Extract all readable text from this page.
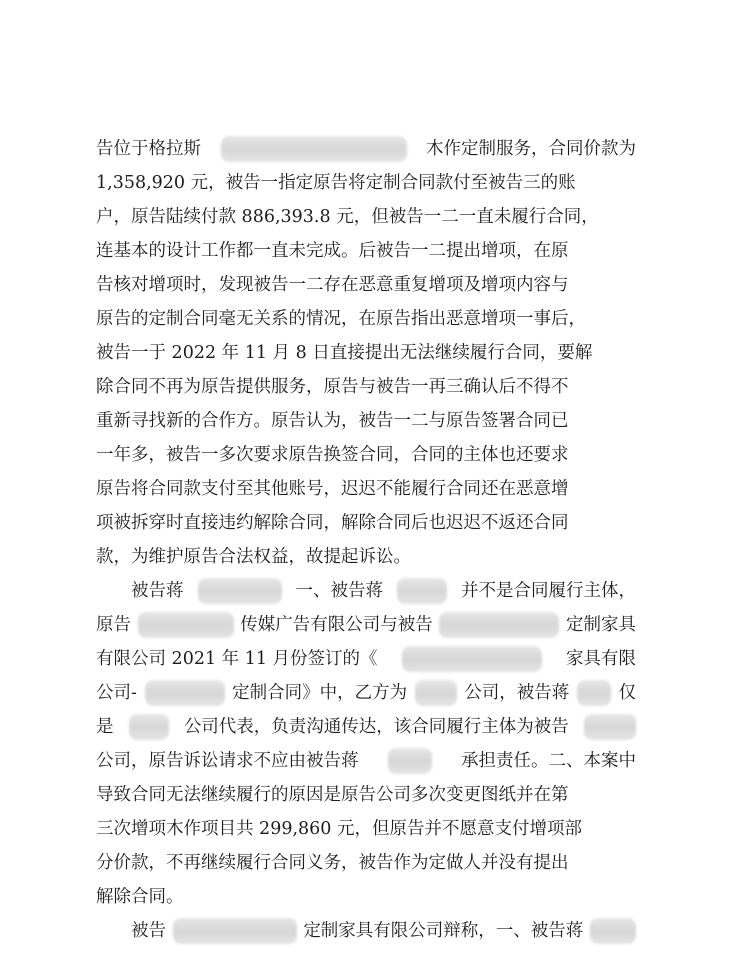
告位于格拉斯	木作定制服务，合同价款为
1,358,920 元，被告一指定原告将定制合同款付至被告三的账
户，原告陆续付款 886,393.8 元，但被告一二一直未履行合同，
连基本的设计工作都一直未完成。后被告一二提出增项，在原
告核对增项时，发现被告一二存在恶意重复增项及增项内容与
原告的定制合同毫无关系的情况，在原告指出恶意增项一事后，
被告一于 2022 年 11 月 8 日直接提出无法继续履行合同，要解
除合同不再为原告提供服务，原告与被告一再三确认后不得不
重新寻找新的合作方。原告认为，被告一二与原告签署合同已
一年多，被告一多次要求原告换签合同，合同的主体也还要求
原告将合同款支付至其他账号，迟迟不能履行合同还在恶意增
项被拆穿时直接违约解除合同，解除合同后也迟迟不返还合同
款，为维护原告合法权益，故提起诉讼。
　　被告蒋	一、被告蒋	并不是合同履行主体，
原告	传媒广告有限公司与被告	定制家具
有限公司 2021 年 11 月份签订的《	家具有限
公司-	定制合同》中，乙方为	公司，被告蒋	仅
是	公司代表，负责沟通传达，该合同履行主体为被告
公司，原告诉讼请求不应由被告蒋	承担责任。二、本案中
导致合同无法继续履行的原因是原告公司多次变更图纸并在第
三次增项木作项目共 299,860 元，但原告并不愿意支付增项部
分价款，不再继续履行合同义务，被告作为定做人并没有提出
解除合同。
　　被告	定制家具有限公司辩称，一、被告蒋
